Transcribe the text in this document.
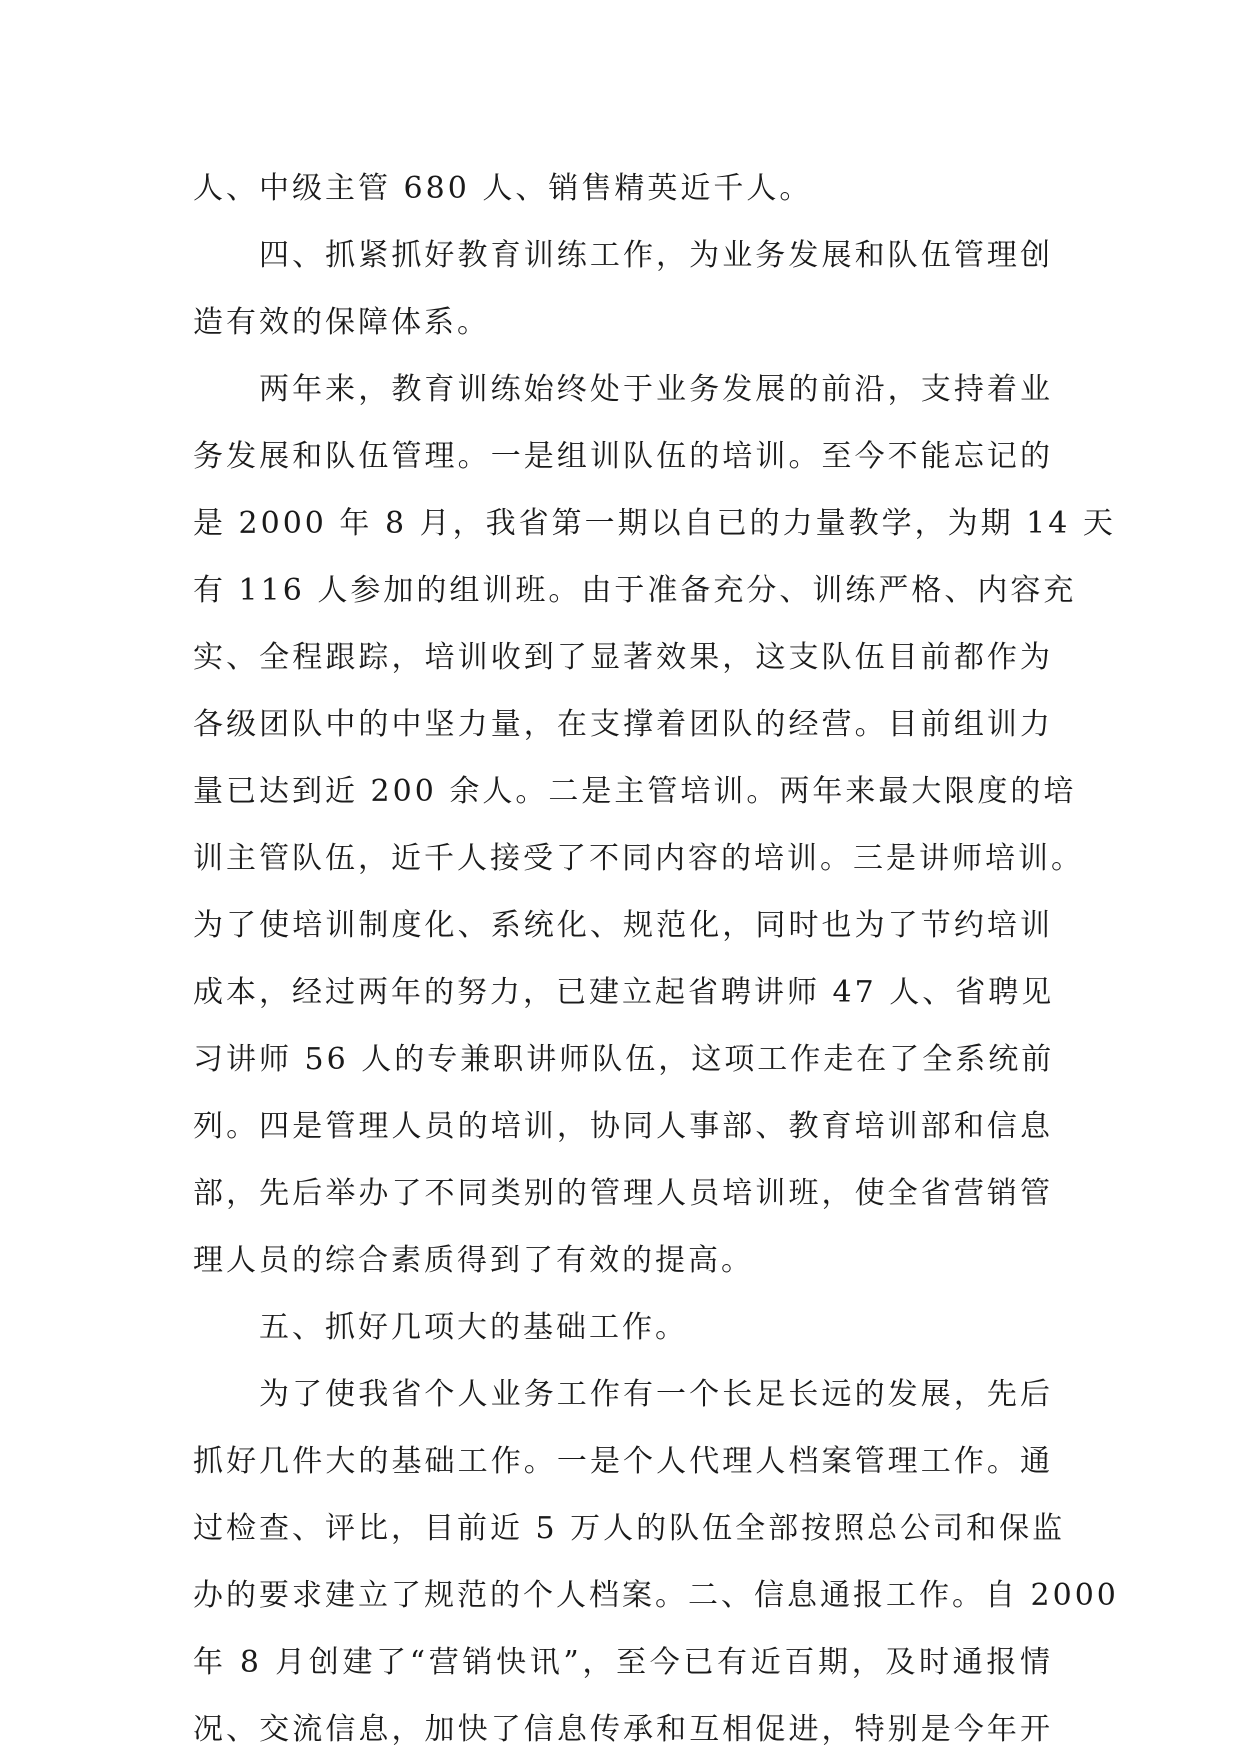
人、中级主管 680 人、销售精英近千人。
四、抓紧抓好教育训练工作，为业务发展和队伍管理创
造有效的保障体系。
两年来，教育训练始终处于业务发展的前沿，支持着业
务发展和队伍管理。一是组训队伍的培训。至今不能忘记的
是 2000 年 8 月，我省第一期以自已的力量教学，为期 14 天
有 116 人参加的组训班。由于准备充分、训练严格、内容充
实、全程跟踪，培训收到了显著效果，这支队伍目前都作为
各级团队中的中坚力量，在支撑着团队的经营。目前组训力
量已达到近 200 余人。二是主管培训。两年来最大限度的培
训主管队伍，近千人接受了不同内容的培训。三是讲师培训。
为了使培训制度化、系统化、规范化，同时也为了节约培训
成本，经过两年的努力，已建立起省聘讲师 47 人、省聘见
习讲师 56 人的专兼职讲师队伍，这项工作走在了全系统前
列。四是管理人员的培训，协同人事部、教育培训部和信息
部，先后举办了不同类别的管理人员培训班，使全省营销管
理人员的综合素质得到了有效的提高。
五、抓好几项大的基础工作。
为了使我省个人业务工作有一个长足长远的发展，先后
抓好几件大的基础工作。一是个人代理人档案管理工作。通
过检查、评比，目前近 5 万人的队伍全部按照总公司和保监
办的要求建立了规范的个人档案。二、信息通报工作。自 2000
年 8 月创建了“营销快讯”，至今已有近百期，及时通报情
况、交流信息，加快了信息传承和互相促进，特别是今年开
